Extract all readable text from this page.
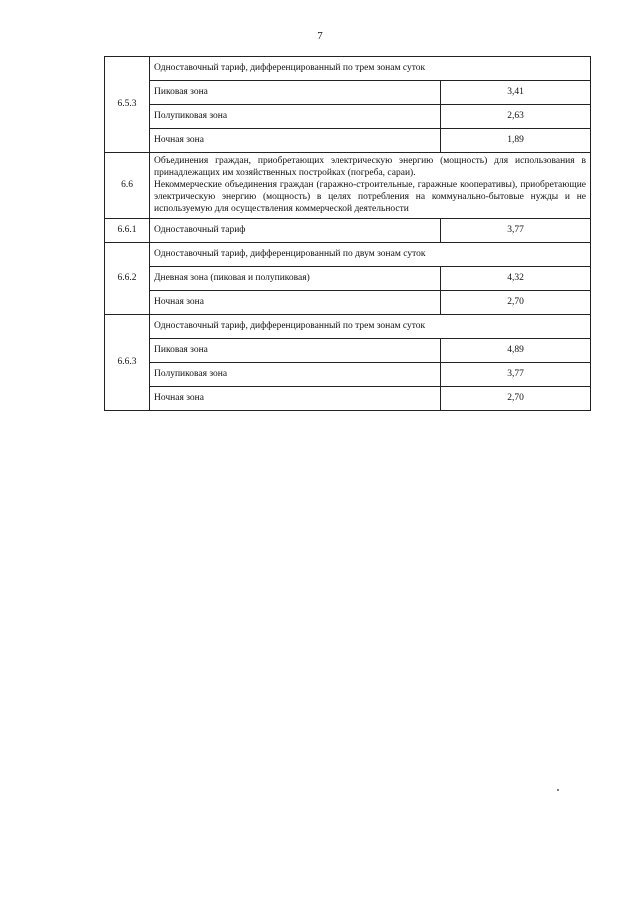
7
6.5.3	Одноставочный тариф, дифференцированный по трем зонам суток	
	Пиковая зона	3,41
	Полупиковая зона	2,63
	Ночная зона	1,89
6.6	Объединения граждан, приобретающих электрическую энергию (мощность) для использования в принадлежащих им хозяйственных постройках (погреба, сараи).

Некоммерческие объединения граждан (гаражно-строительные, гаражные кооперативы), приобретающие электрическую энергию (мощность) в целях потребления на коммунально-бытовые нужды и не используемую для осуществления коммерческой деятельности	

6.6.1	Одноставочный тариф	3,77
6.6.2	Одноставочный тариф, дифференцированный по двум зонам суток	
	Дневная зона (пиковая и полупиковая)	4,32
	Ночная зона	2,70
6.6.3	Одноставочный тариф, дифференцированный по трем зонам суток	
	Пиковая зона	4,89
	Полупиковая зона	3,77
	Ночная зона	2,70
